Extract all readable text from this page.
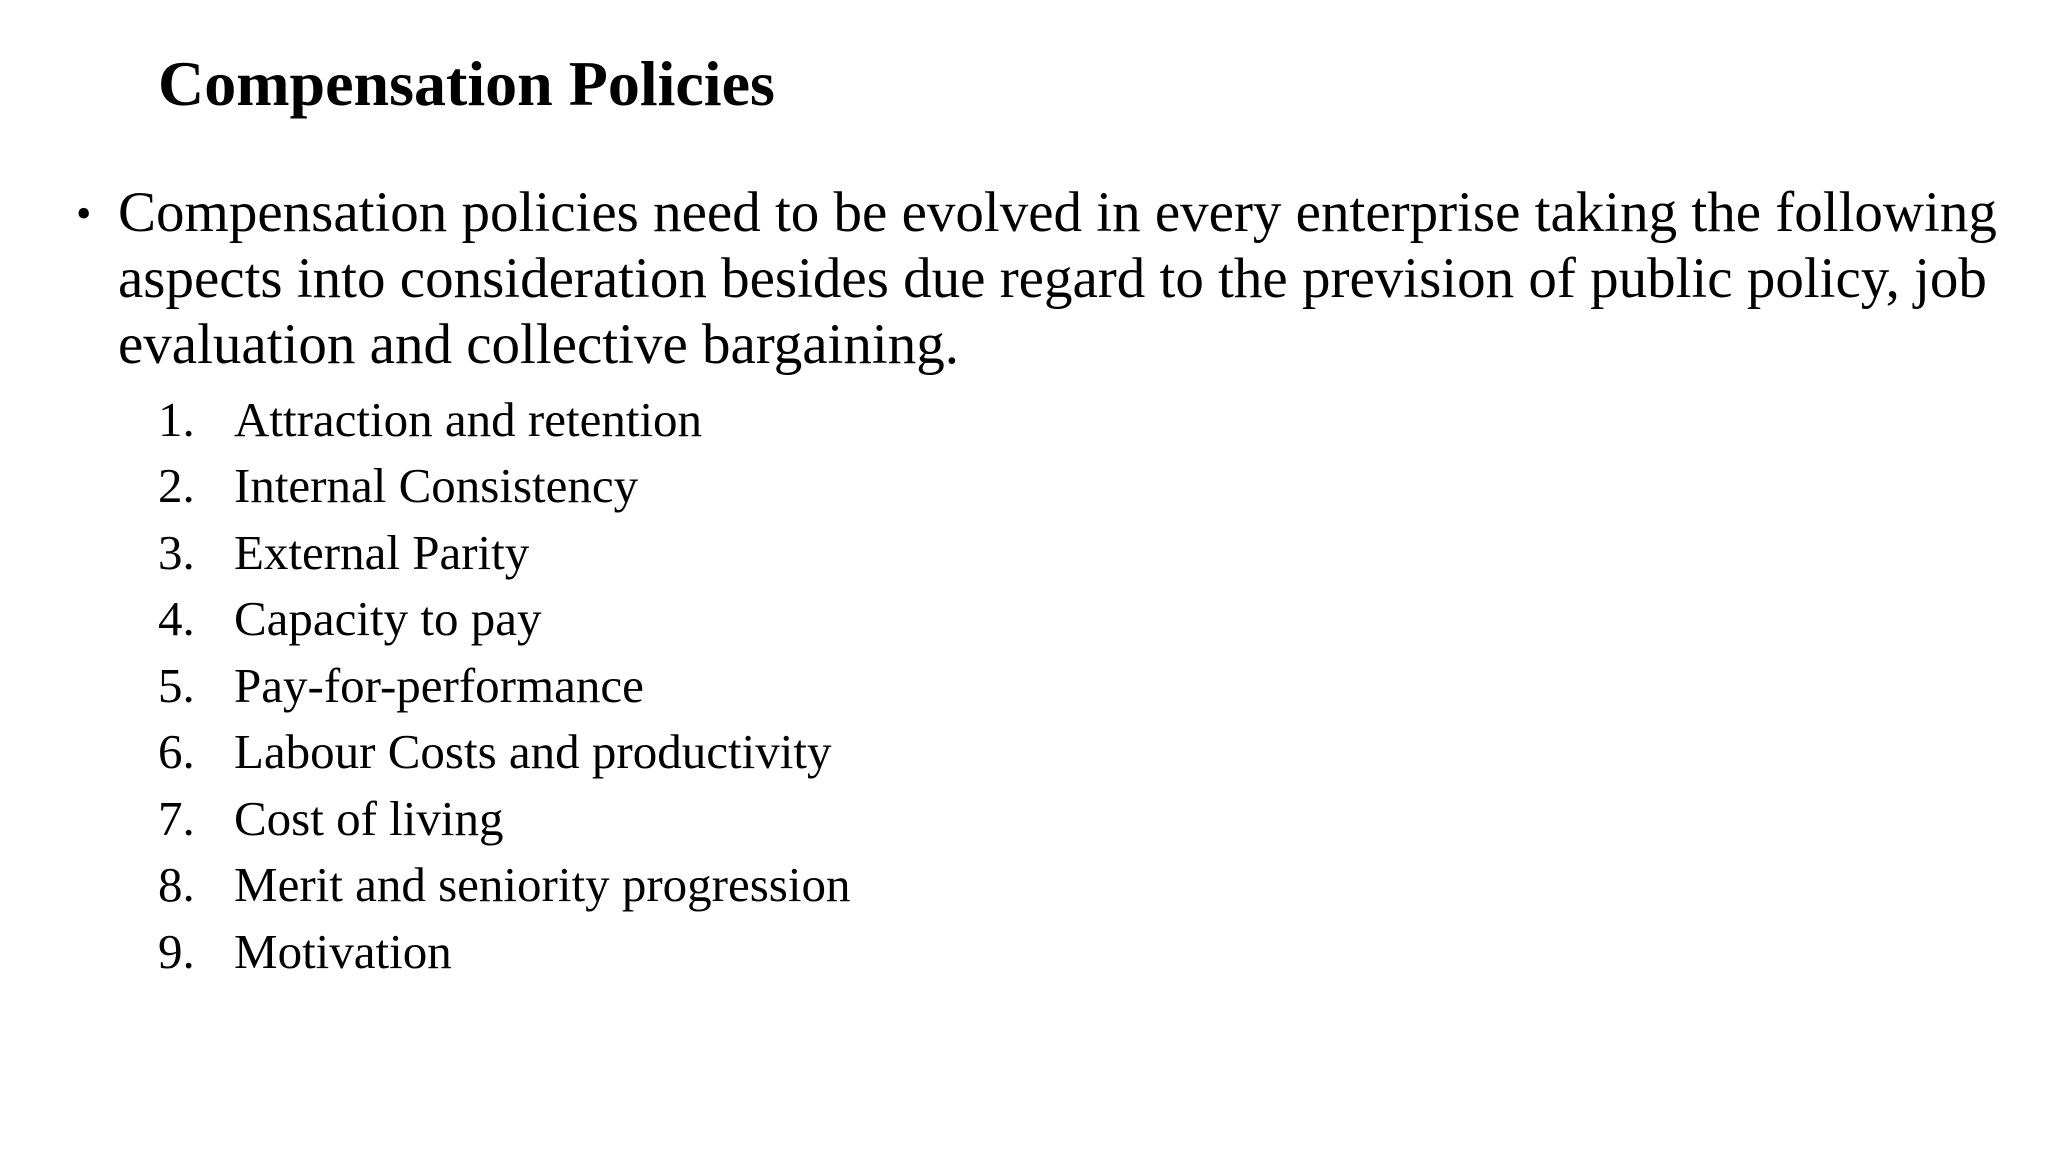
Compensation Policies
• Compensation policies need to be evolved in every enterprise taking the following aspects into consideration besides due regard to the prevision of public policy, job evaluation and collective bargaining.

1. Attraction and retention
2. Internal Consistency
3. External Parity
4. Capacity to pay
5. Pay-for-performance
6. Labour Costs and productivity
7. Cost of living
8. Merit and seniority progression
9. Motivation
